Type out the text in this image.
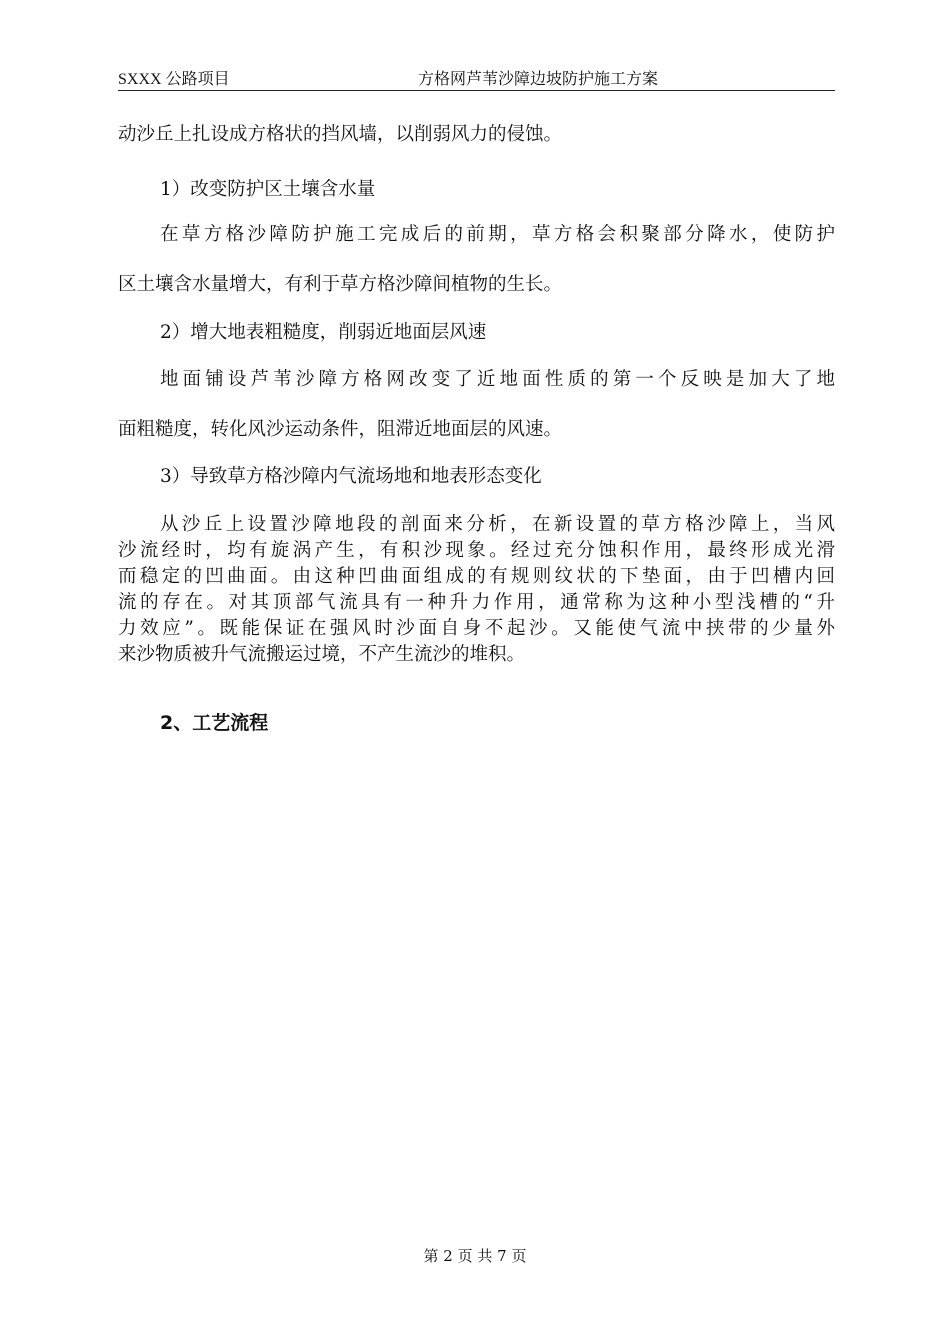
SXXX 公路项目	方格网芦苇沙障边坡防护施工方案
动沙丘上扎设成方格状的挡风墙，以削弱风力的侵蚀。
1）改变防护区土壤含水量
在草方格沙障防护施工完成后的前期，草方格会积聚部分降水，使防护
区土壤含水量增大，有利于草方格沙障间植物的生长。
2）增大地表粗糙度，削弱近地面层风速
地面铺设芦苇沙障方格网改变了近地面性质的第一个反映是加大了地
面粗糙度，转化风沙运动条件，阻滞近地面层的风速。
3）导致草方格沙障内气流场地和地表形态变化
从沙丘上设置沙障地段的剖面来分析，在新设置的草方格沙障上，当风
沙流经时，均有旋涡产生，有积沙现象。经过充分蚀积作用，最终形成光滑
而稳定的凹曲面。由这种凹曲面组成的有规则纹状的下垫面，由于凹槽内回
流的存在。对其顶部气流具有一种升力作用，通常称为这种小型浅槽的“升
力效应”。既能保证在强风时沙面自身不起沙。又能使气流中挟带的少量外
来沙物质被升气流搬运过境，不产生流沙的堆积。
2、工艺流程
第 2 页 共 7 页
